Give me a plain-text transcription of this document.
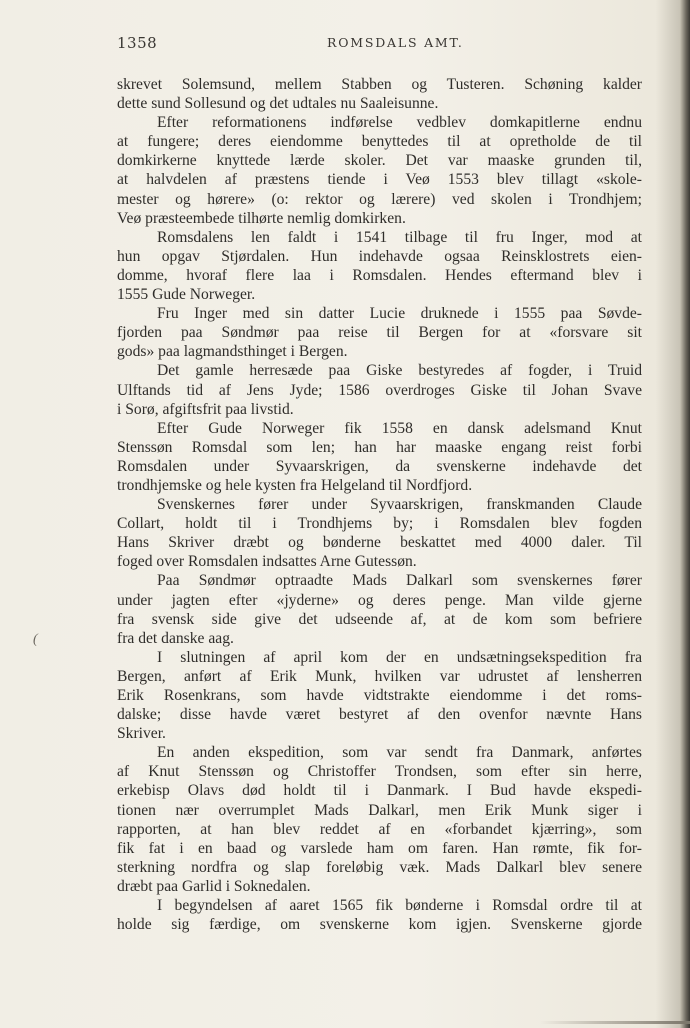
1358	ROMSDALS AMT.
(
skrevet Solemsund, mellem Stabben og Tusteren. Schøning kalder
dette sund Sollesund og det udtales nu Saaleisunne.
Efter reformationens indførelse vedblev domkapitlerne endnu
at fungere; deres eiendomme benyttedes til at opretholde de til
domkirkerne knyttede lærde skoler. Det var maaske grunden til,
at halvdelen af præstens tiende i Veø 1553 blev tillagt «skole-
mester og hørere» (o: rektor og lærere) ved skolen i Trondhjem;
Veø præsteembede tilhørte nemlig domkirken.
Romsdalens len faldt i 1541 tilbage til fru Inger, mod at
hun opgav Stjørdalen. Hun indehavde ogsaa Reinsklostrets eien-
domme, hvoraf flere laa i Romsdalen. Hendes eftermand blev i
1555 Gude Norweger.
Fru Inger med sin datter Lucie druknede i 1555 paa Søvde-
fjorden paa Søndmør paa reise til Bergen for at «forsvare sit
gods» paa lagmandsthinget i Bergen.
Det gamle herresæde paa Giske bestyredes af fogder, i Truid
Ulftands tid af Jens Jyde; 1586 overdroges Giske til Johan Svave
i Sorø, afgiftsfrit paa livstid.
Efter Gude Norweger fik 1558 en dansk adelsmand Knut
Stenssøn Romsdal som len; han har maaske engang reist forbi
Romsdalen under Syvaarskrigen, da svenskerne indehavde det
trondhjemske og hele kysten fra Helgeland til Nordfjord.
Svenskernes fører under Syvaarskrigen, franskmanden Claude
Collart, holdt til i Trondhjems by; i Romsdalen blev fogden
Hans Skriver dræbt og bønderne beskattet med 4000 daler. Til
foged over Romsdalen indsattes Arne Gutessøn.
Paa Søndmør optraadte Mads Dalkarl som svenskernes fører
under jagten efter «jyderne» og deres penge. Man vilde gjerne
fra svensk side give det udseende af, at de kom som befriere
fra det danske aag.
I slutningen af april kom der en undsætningsekspedition fra
Bergen, anført af Erik Munk, hvilken var udrustet af lensherren
Erik Rosenkrans, som havde vidtstrakte eiendomme i det roms-
dalske; disse havde været bestyret af den ovenfor nævnte Hans
Skriver.
En anden ekspedition, som var sendt fra Danmark, anførtes
af Knut Stenssøn og Christoffer Trondsen, som efter sin herre,
erkebisp Olavs død holdt til i Danmark. I Bud havde ekspedi-
tionen nær overrumplet Mads Dalkarl, men Erik Munk siger i
rapporten, at han blev reddet af en «forbandet kjærring», som
fik fat i en baad og varslede ham om faren. Han rømte, fik for-
sterkning nordfra og slap foreløbig væk. Mads Dalkarl blev senere
dræbt paa Garlid i Soknedalen.
I begyndelsen af aaret 1565 fik bønderne i Romsdal ordre til at
holde sig færdige, om svenskerne kom igjen. Svenskerne gjorde
